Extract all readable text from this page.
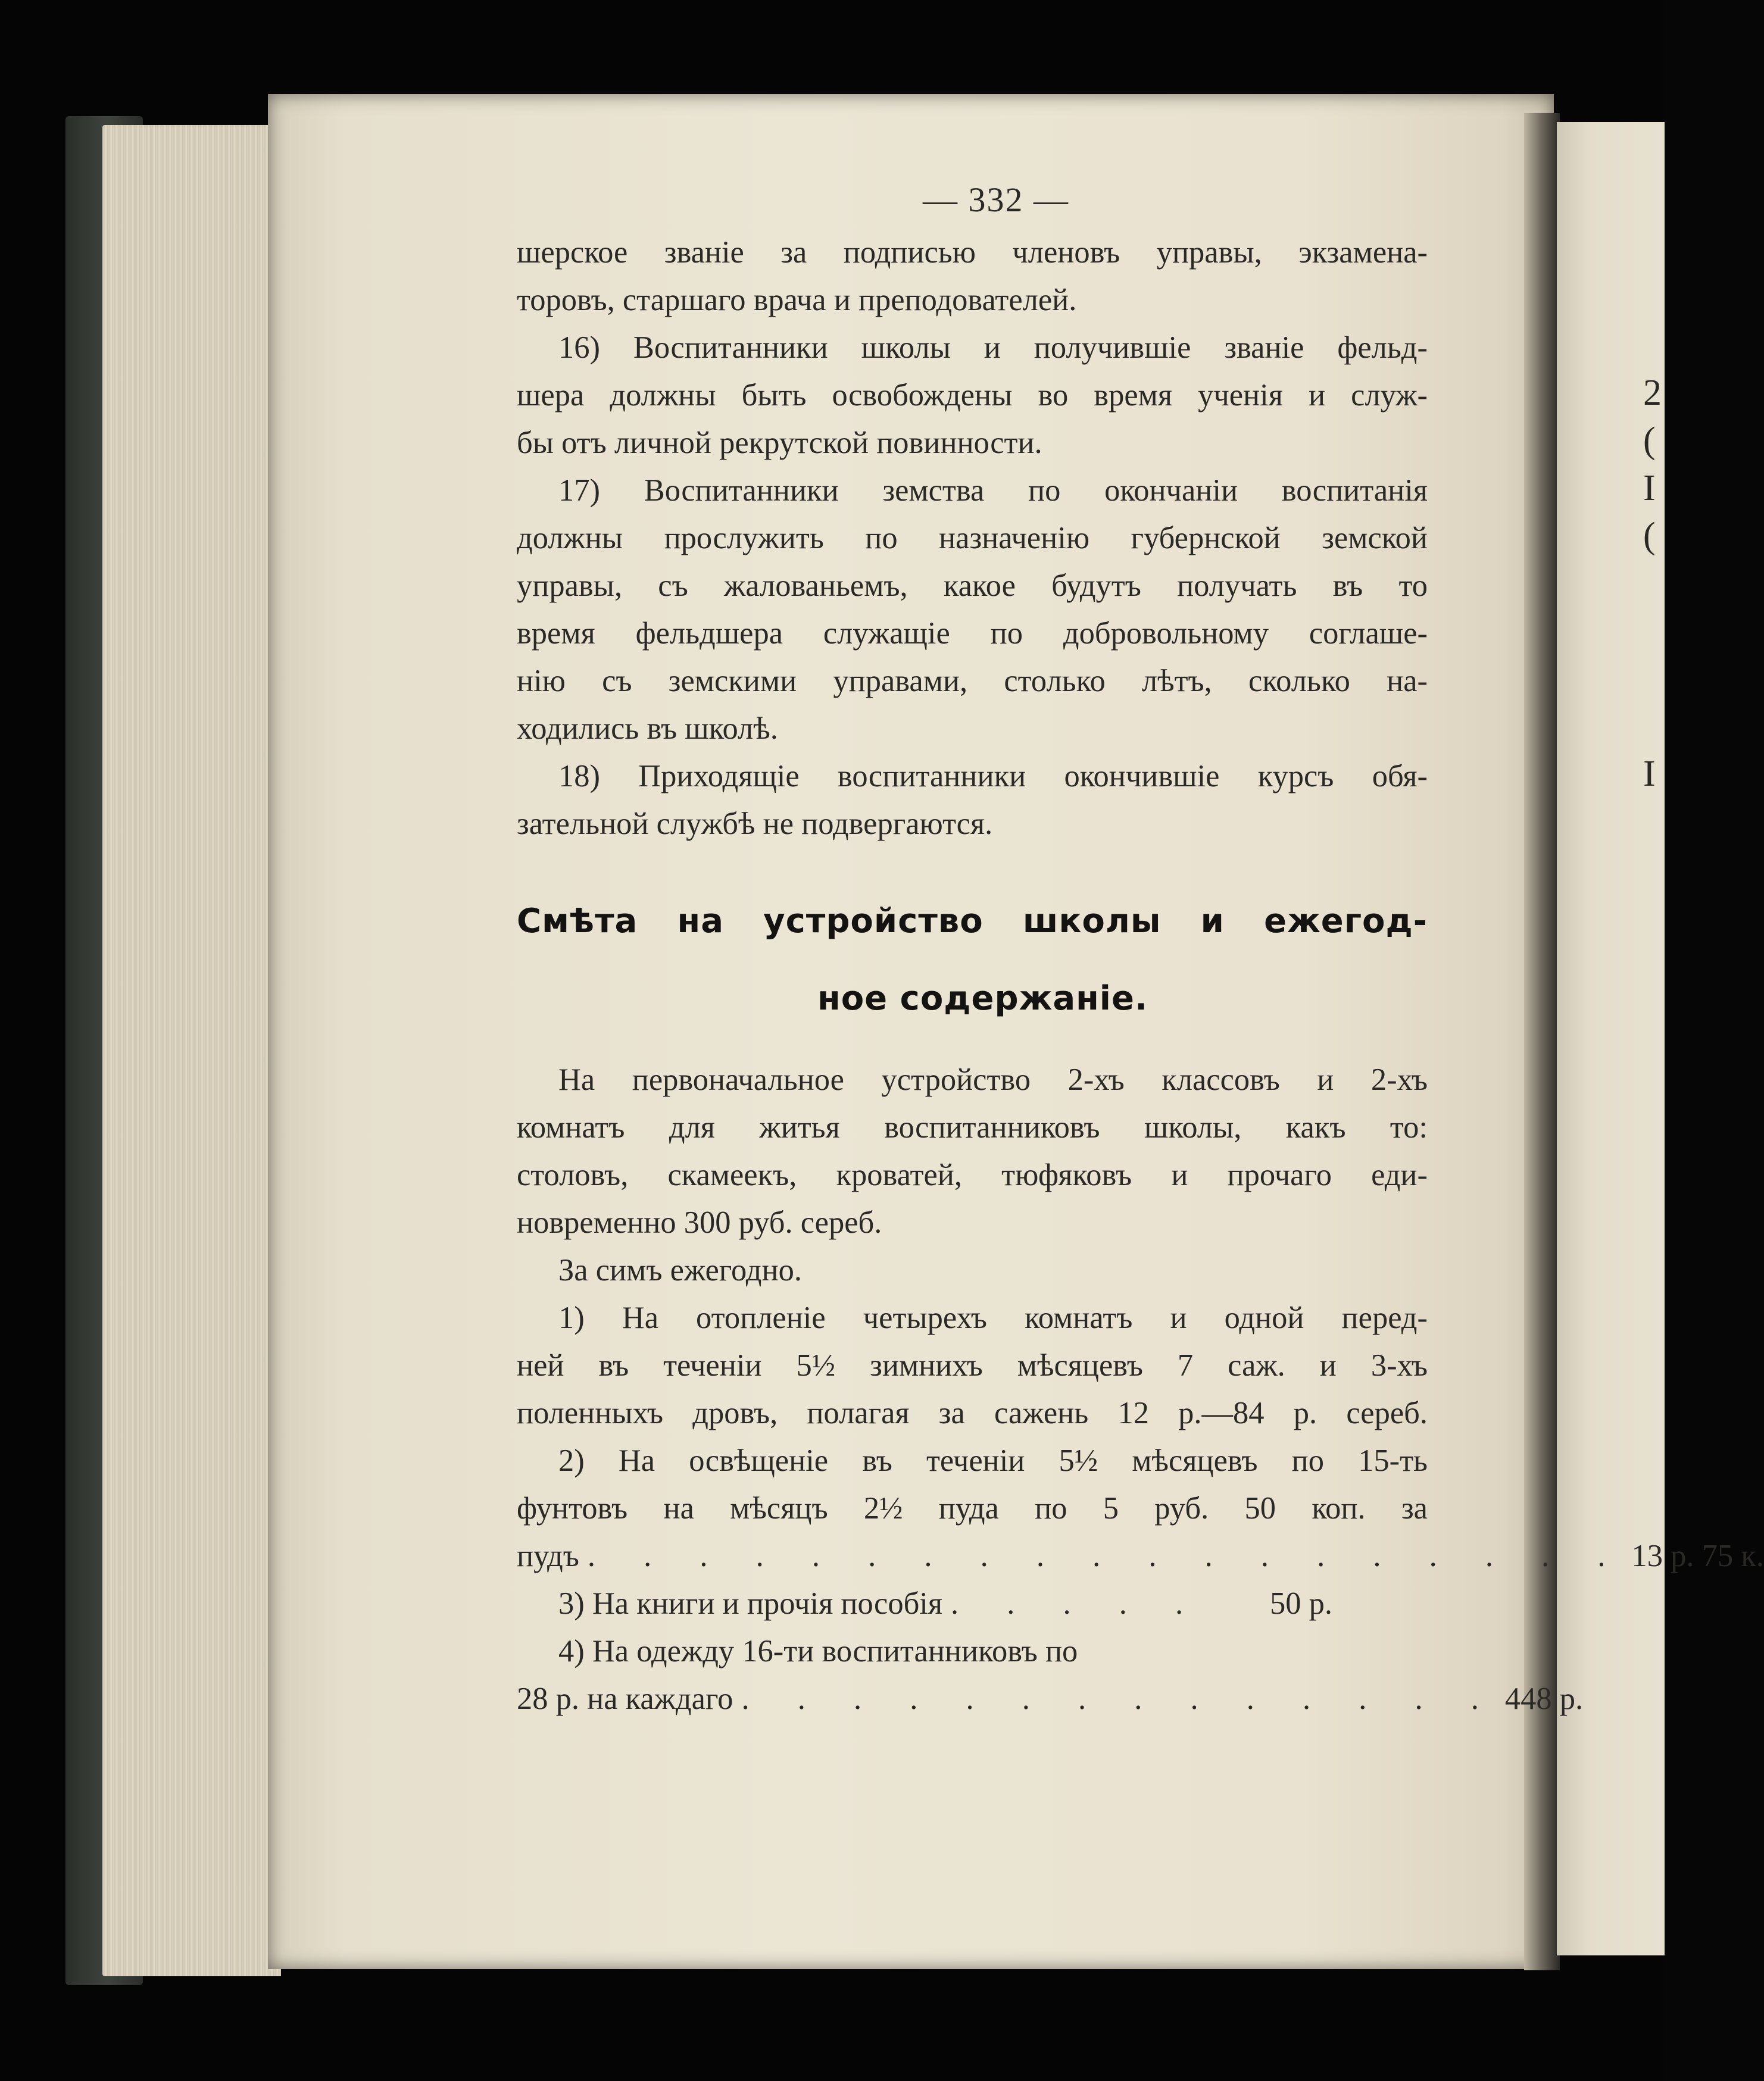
2
(
I
(
I
— 332 —
шерское званіе за подписью членовъ управы, экзамена-
торовъ, старшаго врача и преподователей.
16) Воспитанники школы и получившіе званіе фельд-
шера должны быть освобождены во время ученія и служ-
бы отъ личной рекрутской повинности.
17) Воспитанники земства по окончаніи воспитанія
должны прослужить по назначенію губернской земской
управы, съ жалованьемъ, какое будутъ получать въ то
время фельдшера служащіе по добровольному соглаше-
нію съ земскими управами, столько лѣтъ, сколько на-
ходились въ школѣ.
18) Приходящіе воспитанники окончившіе курсъ обя-
зательной службѣ не подвергаются.
Смѣта на устройство школы и ежегод-
ное содержаніе.
На первоначальное устройство 2-хъ классовъ и 2-хъ
комнатъ для житья воспитанниковъ школы, какъ то:
столовъ, скамеекъ, кроватей, тюфяковъ и прочаго еди-
новременно 300 руб. сереб.
За симъ ежегодно.
1) На отопленіе четырехъ комнатъ и одной перед-
ней въ теченіи 5½ зимнихъ мѣсяцевъ 7 саж. и 3-хъ
поленныхъ дровъ, полагая за сажень 12 р.—84 р. сереб.
2) На освѣщеніе въ теченіи 5½ мѣсяцевъ по 15-ть
фунтовъ на мѣсяцъ 2½ пуда по 5 руб. 50 коп. за
пудъ . . . . . . . . . . . . . . . . . . . 13 р. 75 к.
3) На книги и прочія пособія . . . . .	50 р.
4) На одежду 16-ти воспитанниковъ по
28 р. на каждаго . . . . . . . . . . . . . . 448 р.
